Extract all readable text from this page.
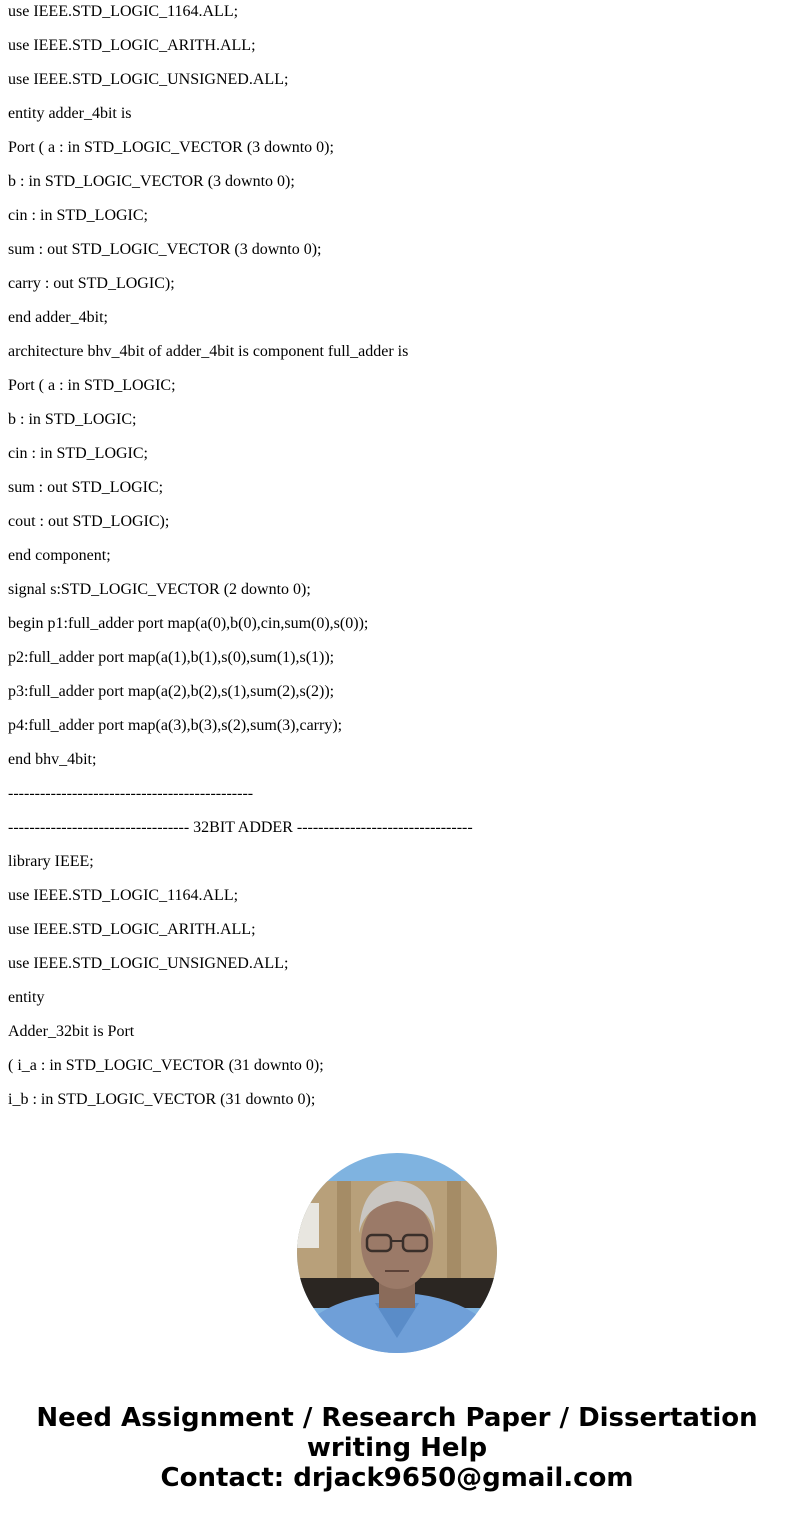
use IEEE.STD_LOGIC_1164.ALL;
use IEEE.STD_LOGIC_ARITH.ALL;
use IEEE.STD_LOGIC_UNSIGNED.ALL;
entity adder_4bit is
Port ( a : in STD_LOGIC_VECTOR (3 downto 0);
b : in STD_LOGIC_VECTOR (3 downto 0);
cin : in STD_LOGIC;
sum : out STD_LOGIC_VECTOR (3 downto 0);
carry : out STD_LOGIC);
end adder_4bit;
architecture bhv_4bit of adder_4bit is component full_adder is
Port ( a : in STD_LOGIC;
b : in STD_LOGIC;
cin : in STD_LOGIC;
sum : out STD_LOGIC;
cout : out STD_LOGIC);
end component;
signal s:STD_LOGIC_VECTOR (2 downto 0);
begin p1:full_adder port map(a(0),b(0),cin,sum(0),s(0));
p2:full_adder port map(a(1),b(1),s(0),sum(1),s(1));
p3:full_adder port map(a(2),b(2),s(1),sum(2),s(2));
p4:full_adder port map(a(3),b(3),s(2),sum(3),carry);
end bhv_4bit;
----------------------------------------------
---------------------------------- 32BIT ADDER ---------------------------------
library IEEE;
use IEEE.STD_LOGIC_1164.ALL;
use IEEE.STD_LOGIC_ARITH.ALL;
use IEEE.STD_LOGIC_UNSIGNED.ALL;
entity
Adder_32bit is Port
( i_a : in STD_LOGIC_VECTOR (31 downto 0);
i_b : in STD_LOGIC_VECTOR (31 downto 0);
Need Assignment / Research Paper / Dissertation
writing Help
Contact: drjack9650@gmail.com
